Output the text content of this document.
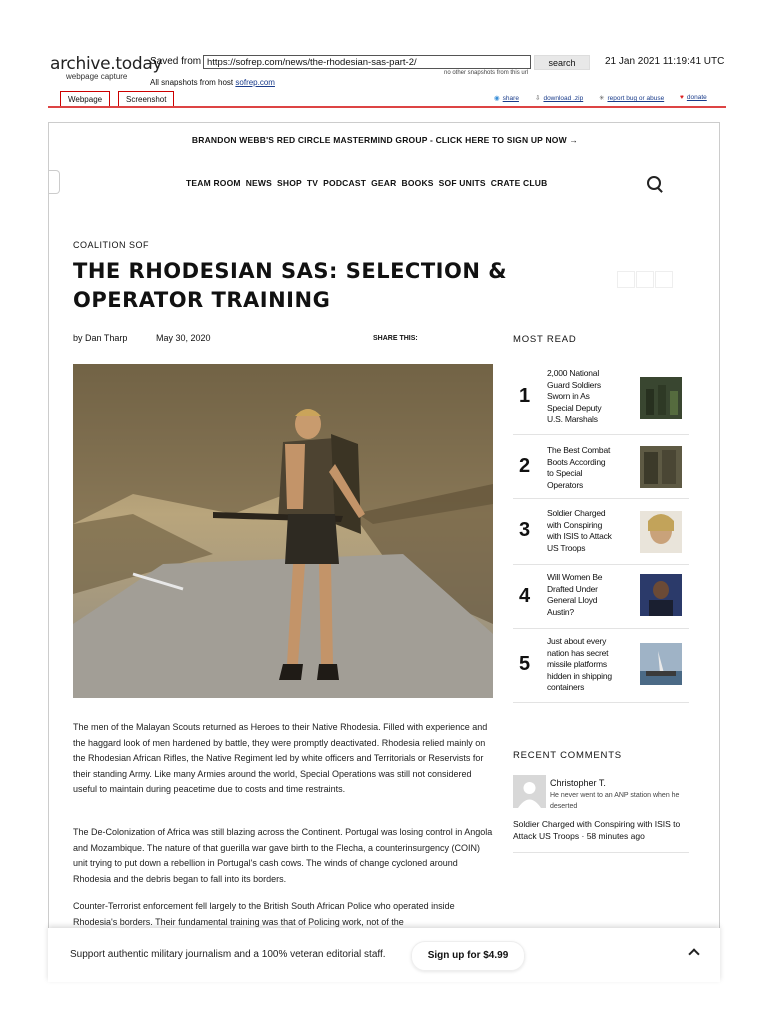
archive.today
webpage capture
Saved from https://sofrep.com/news/the-rhodesian-sas-part-2/	search	21 Jan 2021 11:19:41 UTC
no other snapshots from this url
All snapshots from host sofrep.com
Webpage	Screenshot	◉ share ⇩ download .zip ✳ report bug or abuse ♥ donate
BRANDON WEBB'S RED CIRCLE MASTERMIND GROUP - CLICK HERE TO SIGN UP NOW →
TEAM ROOM NEWS SHOP TV PODCAST GEAR BOOKS SOF UNITS CRATE CLUB
COALITION SOF
THE RHODESIAN SAS: SELECTION & OPERATOR TRAINING
by Dan Tharp	May 30, 2020	SHARE THIS:
The men of the Malayan Scouts returned as Heroes to their Native Rhodesia. Filled with experience and the haggard look of men hardened by battle, they were promptly deactivated. Rhodesia relied mainly on the Rhodesian African Rifles, the Native Regiment led by white officers and Territorials or Reservists for their standing Army. Like many Armies around the world, Special Operations was still not considered useful to maintain during peacetime due to costs and time restraints.
The De-Colonization of Africa was still blazing across the Continent. Portugal was losing control in Angola and Mozambique. The nature of that guerilla war gave birth to the Flecha, a counterinsurgency (COIN) unit trying to put down a rebellion in Portugal's cash cows. The winds of change cycloned around Rhodesia and the debris began to fall into its borders.
Counter-Terrorist enforcement fell largely to the British South African Police who operated inside Rhodesia's borders. Their fundamental training was that of Policing work, not of the
MOST READ
1
2,000 National Guard Soldiers Sworn in As Special Deputy U.S. Marshals
2
The Best Combat Boots According to Special Operators
3
Soldier Charged with Conspiring with ISIS to Attack US Troops
4
Will Women Be Drafted Under General Lloyd Austin?
5
Just about every nation has secret missile platforms hidden in shipping containers
RECENT COMMENTS
Christopher T.
He never went to an ANP station when he deserted
Soldier Charged with Conspiring with ISIS to Attack US Troops · 58 minutes ago
Support authentic military journalism and a 100% veteran editorial staff.	Sign up for $4.99
